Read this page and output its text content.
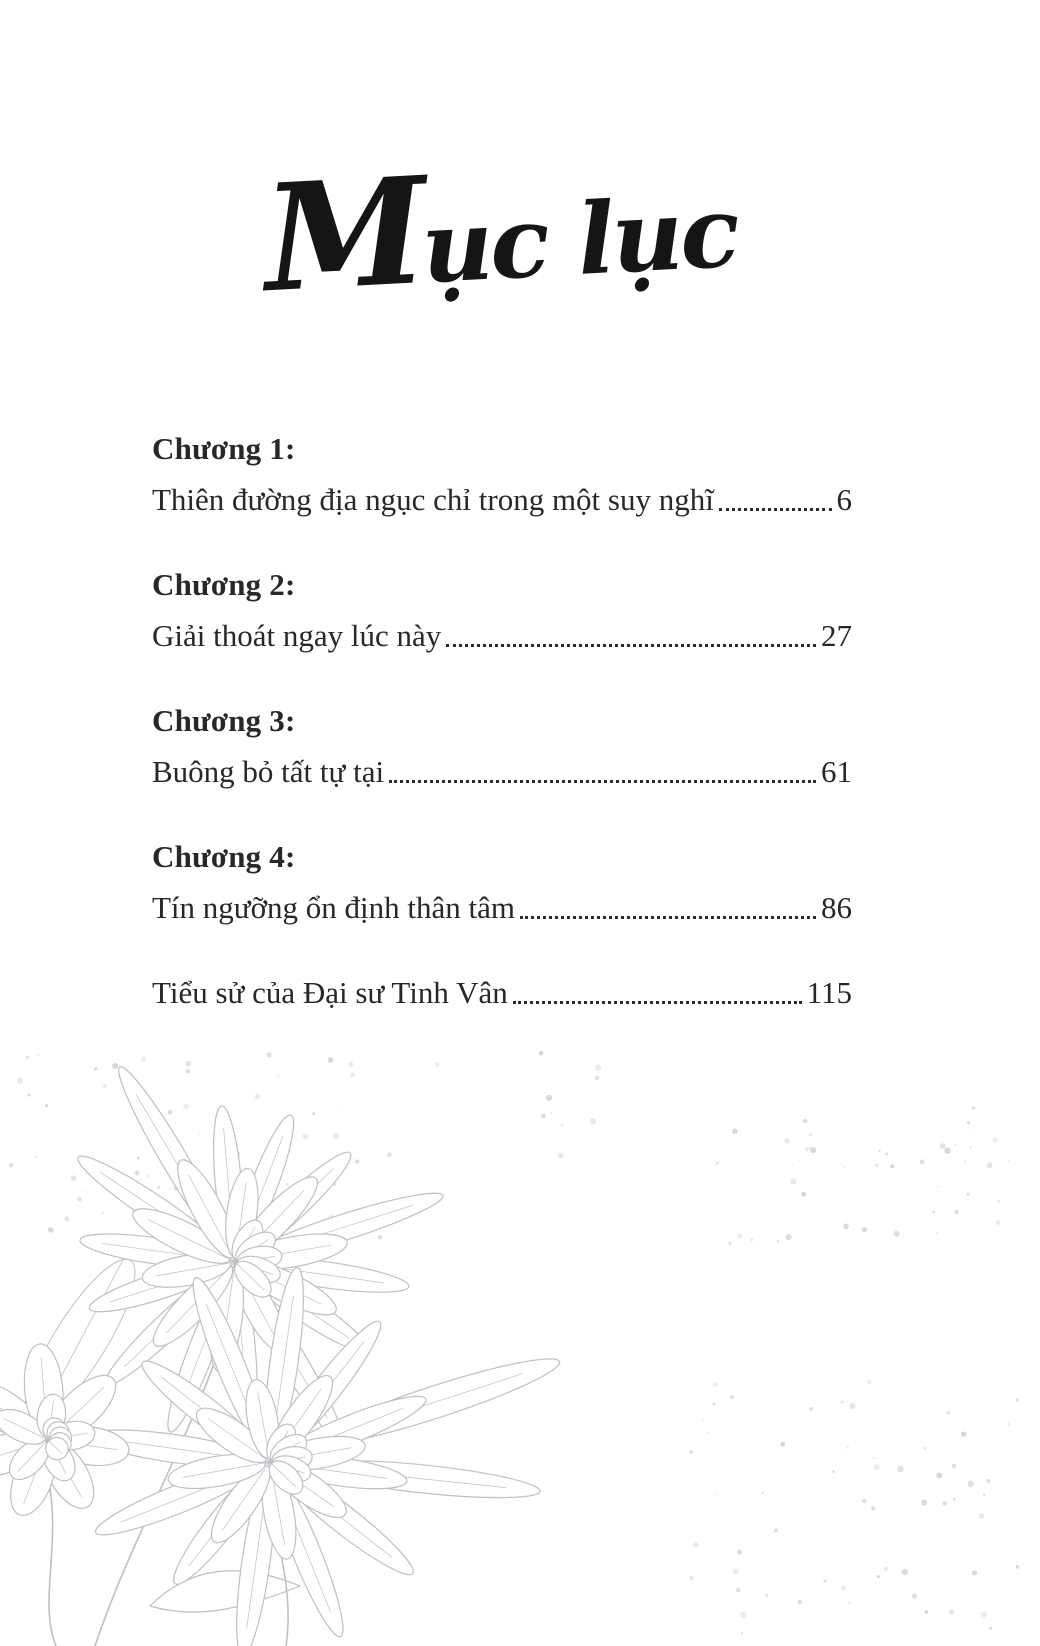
Mục lục
Chương 1:
Thiên đường địa ngục chỉ trong một suy nghĩ	6
Chương 2:
Giải thoát ngay lúc này	27
Chương 3:
Buông bỏ tất tự tại	61
Chương 4:
Tín ngưỡng ổn định thân tâm	86
Tiểu sử của Đại sư Tinh Vân	115
